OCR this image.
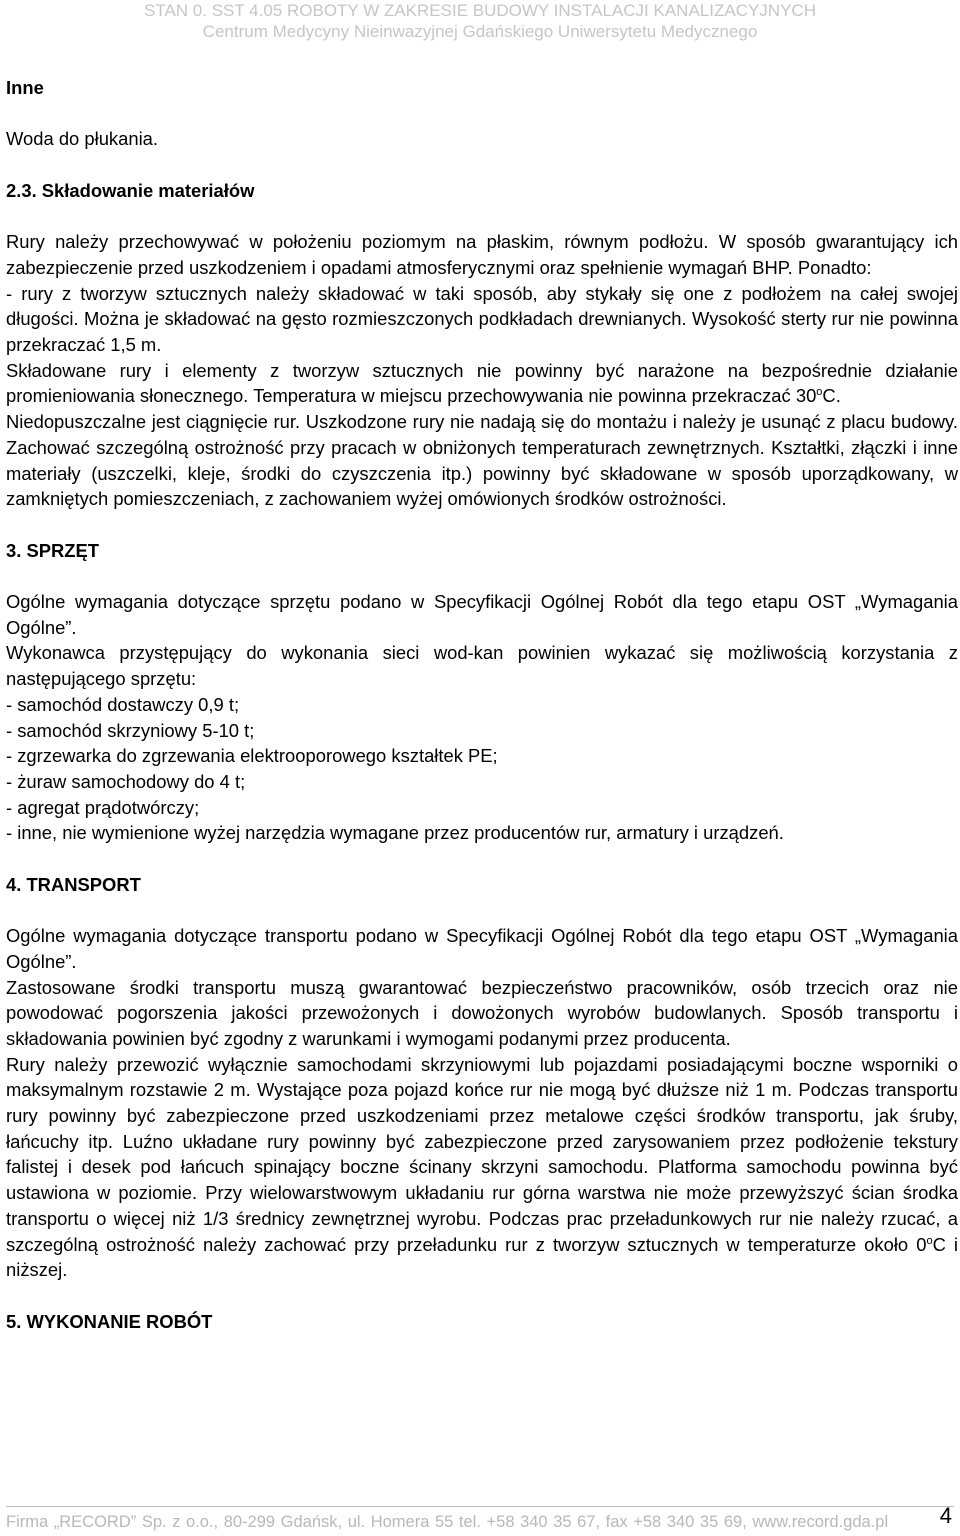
STAN 0. SST 4.05 ROBOTY W ZAKRESIE BUDOWY INSTALACJI KANALIZACYJNYCH
Centrum Medycyny Nieinwazyjnej Gdańskiego Uniwersytetu Medycznego

Inne

Woda do płukania.

2.3. Składowanie materiałów

Rury należy przechowywać w położeniu poziomym na płaskim, równym podłożu. W sposób gwarantujący ich zabezpieczenie przed uszkodzeniem i opadami atmosferycznymi oraz spełnienie wymagań BHP. Ponadto:

- rury z tworzyw sztucznych należy składować w taki sposób, aby stykały się one z podłożem na całej swojej długości. Można je składować na gęsto rozmieszczonych podkładach drewnianych. Wysokość sterty rur nie powinna przekraczać 1,5 m.

Składowane rury i elementy z tworzyw sztucznych nie powinny być narażone na bezpośrednie działanie promieniowania słonecznego. Temperatura w miejscu przechowywania nie powinna przekraczać 30$^o$C.

Niedopuszczalne jest ciągnięcie rur. Uszkodzone rury nie nadają się do montażu i należy je usunąć z placu budowy. Zachować szczególną ostrożność przy pracach w obniżonych temperaturach zewnętrznych. Kształtki, złączki i inne materiały (uszczelki, kleje, środki do czyszczenia itp.) powinny być składowane w sposób uporządkowany, w zamkniętych pomieszczeniach, z zachowaniem wyżej omówionych środków ostrożności.

3. SPRZĘT

Ogólne wymagania dotyczące sprzętu podano w Specyfikacji Ogólnej Robót dla tego etapu OST „Wymagania Ogólne”.

Wykonawca przystępujący do wykonania sieci wod-kan powinien wykazać się możliwością korzystania z następującego sprzętu:

- samochód dostawczy 0,9 t;

- samochód skrzyniowy 5-10 t;

- zgrzewarka do zgrzewania elektrooporowego kształtek PE;

- żuraw samochodowy do 4 t;

- agregat prądotwórczy;

- inne, nie wymienione wyżej narzędzia wymagane przez producentów rur, armatury i urządzeń.

4. TRANSPORT

Ogólne wymagania dotyczące transportu podano w Specyfikacji Ogólnej Robót dla tego etapu OST „Wymagania Ogólne”.

Zastosowane środki transportu muszą gwarantować bezpieczeństwo pracowników, osób trzecich oraz nie powodować pogorszenia jakości przewożonych i dowożonych wyrobów budowlanych. Sposób transportu i składowania powinien być zgodny z warunkami i wymogami podanymi przez producenta.

Rury należy przewozić wyłącznie samochodami skrzyniowymi lub pojazdami posiadającymi boczne wsporniki o maksymalnym rozstawie 2 m. Wystające poza pojazd końce rur nie mogą być dłuższe niż 1 m. Podczas transportu rury powinny być zabezpieczone przed uszkodzeniami przez metalowe części środków transportu, jak śruby, łańcuchy itp. Luźno układane rury powinny być zabezpieczone przed zarysowaniem przez podłożenie tekstury falistej i desek pod łańcuch spinający boczne ścinany skrzyni samochodu. Platforma samochodu powinna być ustawiona w poziomie. Przy wielowarstwowym układaniu rur górna warstwa nie może przewyższyć ścian środka transportu o więcej niż 1/3 średnicy zewnętrznej wyrobu. Podczas prac przeładunkowych rur nie należy rzucać, a szczególną ostrożność należy zachować przy przeładunku rur z tworzyw sztucznych w temperaturze około 0$^o$C i niższej.

5. WYKONANIE ROBÓT

Firma „RECORD” Sp. z o.o., 80-299 Gdańsk, ul. Homera 55 tel. +58 340 35 67, fax +58 340 35 69, www.record.gda.pl 4
